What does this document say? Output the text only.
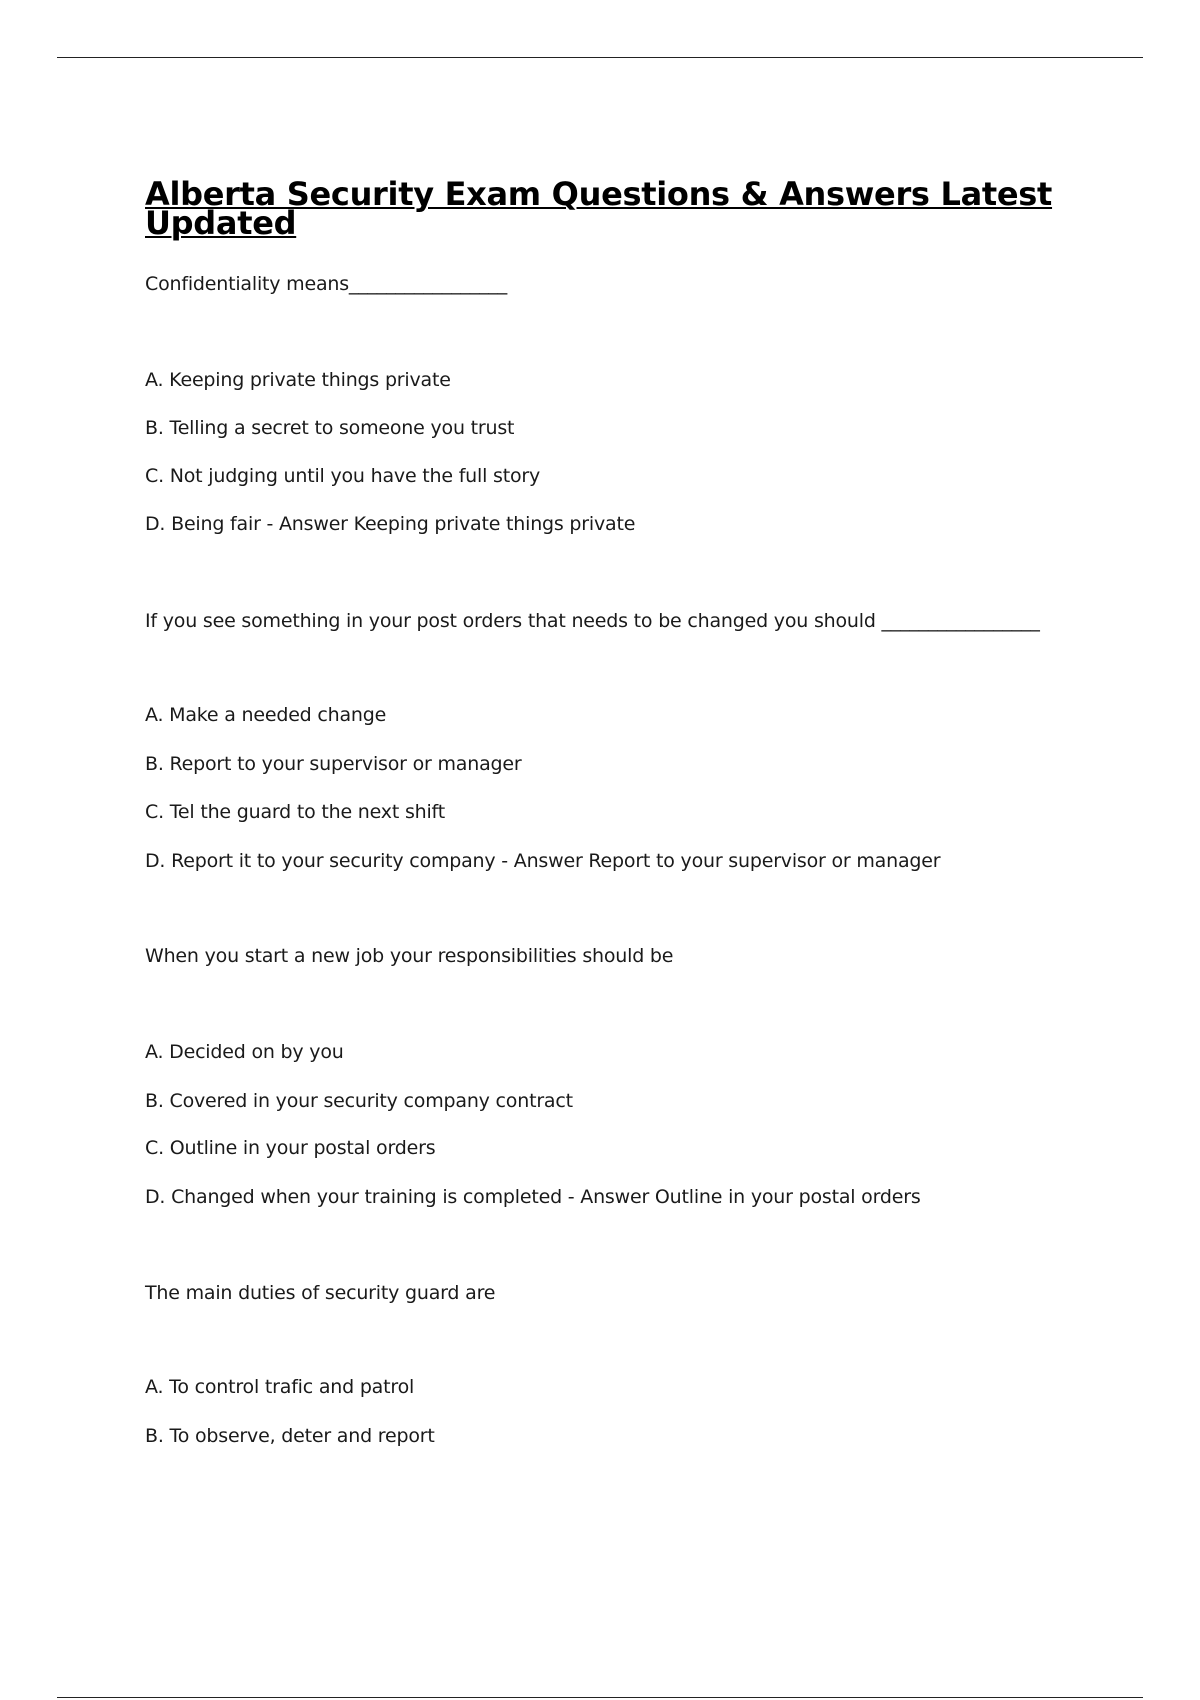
Alberta Security Exam Questions & Answers Latest
Updated

Confidentiality means_________________

A. Keeping private things private

B. Telling a secret to someone you trust

C. Not judging until you have the full story

D. Being fair - Answer Keeping private things private

If you see something in your post orders that needs to be changed you should _________________

A. Make a needed change

B. Report to your supervisor or manager

C. Tel the guard to the next shift

D. Report it to your security company - Answer Report to your supervisor or manager

When you start a new job your responsibilities should be

A. Decided on by you

B. Covered in your security company contract

C. Outline in your postal orders

D. Changed when your training is completed - Answer Outline in your postal orders

The main duties of security guard are

A. To control trafic and patrol

B. To observe, deter and report
